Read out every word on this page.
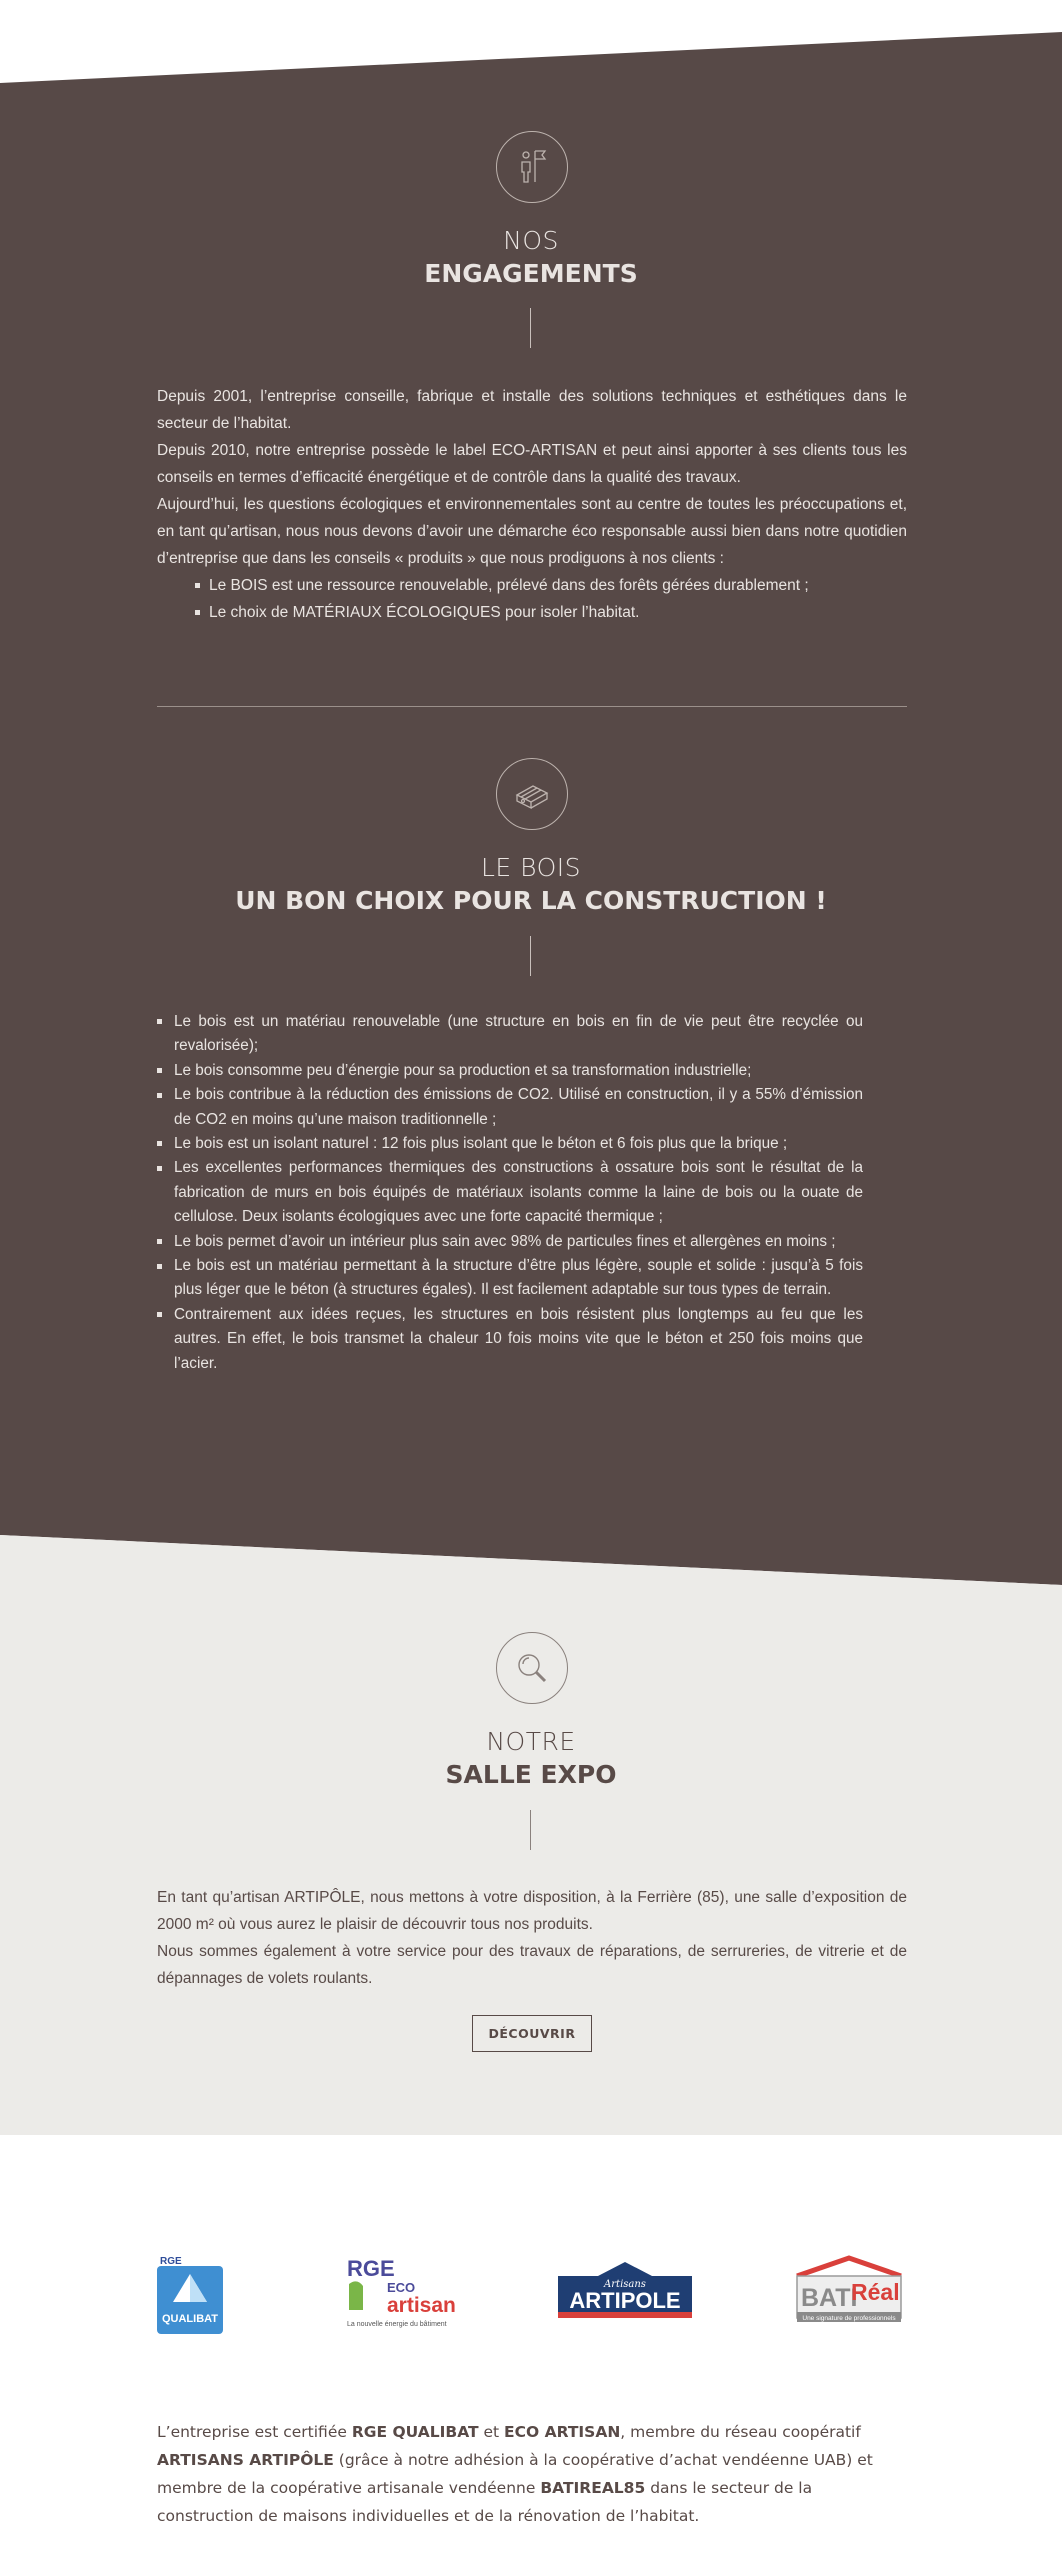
NOS
ENGAGEMENTS

Depuis 2001, l’entreprise conseille, fabrique et installe des solutions techniques et esthétiques dans le secteur de l’habitat.

Depuis 2010, notre entreprise possède le label ECO-ARTISAN et peut ainsi apporter à ses clients tous les conseils en termes d’efficacité énergétique et de contrôle dans la qualité des travaux.

Aujourd’hui, les questions écologiques et environnementales sont au centre de toutes les préoccupations et, en tant qu’artisan, nous nous devons d’avoir une démarche éco responsable aussi bien dans notre quotidien d’entreprise que dans les conseils « produits » que nous prodiguons à nos clients :

Le BOIS est une ressource renouvelable, prélevé dans des forêts gérées durablement ;
Le choix de MATÉRIAUX ÉCOLOGIQUES pour isoler l’habitat.
LE BOIS
UN BON CHOIX POUR LA CONSTRUCTION !
Le bois est un matériau renouvelable (une structure en bois en fin de vie peut être recyclée ou revalorisée);
Le bois consomme peu d’énergie pour sa production et sa transformation industrielle;
Le bois contribue à la réduction des émissions de CO2. Utilisé en construction, il y a 55% d’émission de CO2 en moins qu’une maison traditionnelle ;
Le bois est un isolant naturel : 12 fois plus isolant que le béton et 6 fois plus que la brique ;
Les excellentes performances thermiques des constructions à ossature bois sont le résultat de la fabrication de murs en bois équipés de matériaux isolants comme la laine de bois ou la ouate de cellulose. Deux isolants écologiques avec une forte capacité thermique ;
Le bois permet d’avoir un intérieur plus sain avec 98% de particules fines et allergènes en moins ;
Le bois est un matériau permettant à la structure d’être plus légère, souple et solide : jusqu’à 5 fois plus léger que le béton (à structures égales). Il est facilement adaptable sur tous types de terrain.
Contrairement aux idées reçues, les structures en bois résistent plus longtemps au feu que les autres. En effet, le bois transmet la chaleur 10 fois moins vite que le béton et 250 fois moins que l’acier.
NOTRE
SALLE EXPO

En tant qu’artisan ARTIPÔLE, nous mettons à votre disposition, à la Ferrière (85), une salle d’exposition de 2000 m² où vous aurez le plaisir de découvrir tous nos produits.

Nous sommes également à votre service pour des travaux de réparations, de serrureries, de vitrerie et de dépannages de volets roulants.

DÉCOUVRIR
QUALIBAT
RGE	RGE
ECO
artisan
La nouvelle énergie du bâtiment
Artisans
ARTIPOLE	BATI
Réal
Une signature de professionnels
L’entreprise est certifiée RGE QUALIBAT et ECO ARTISAN, membre du réseau coopératif ARTISANS ARTIPÔLE (grâce à notre adhésion à la coopérative d’achat vendéenne UAB) et membre de la coopérative artisanale vendéenne BATIREAL85 dans le secteur de la construction de maisons individuelles et de la rénovation de l’habitat.
